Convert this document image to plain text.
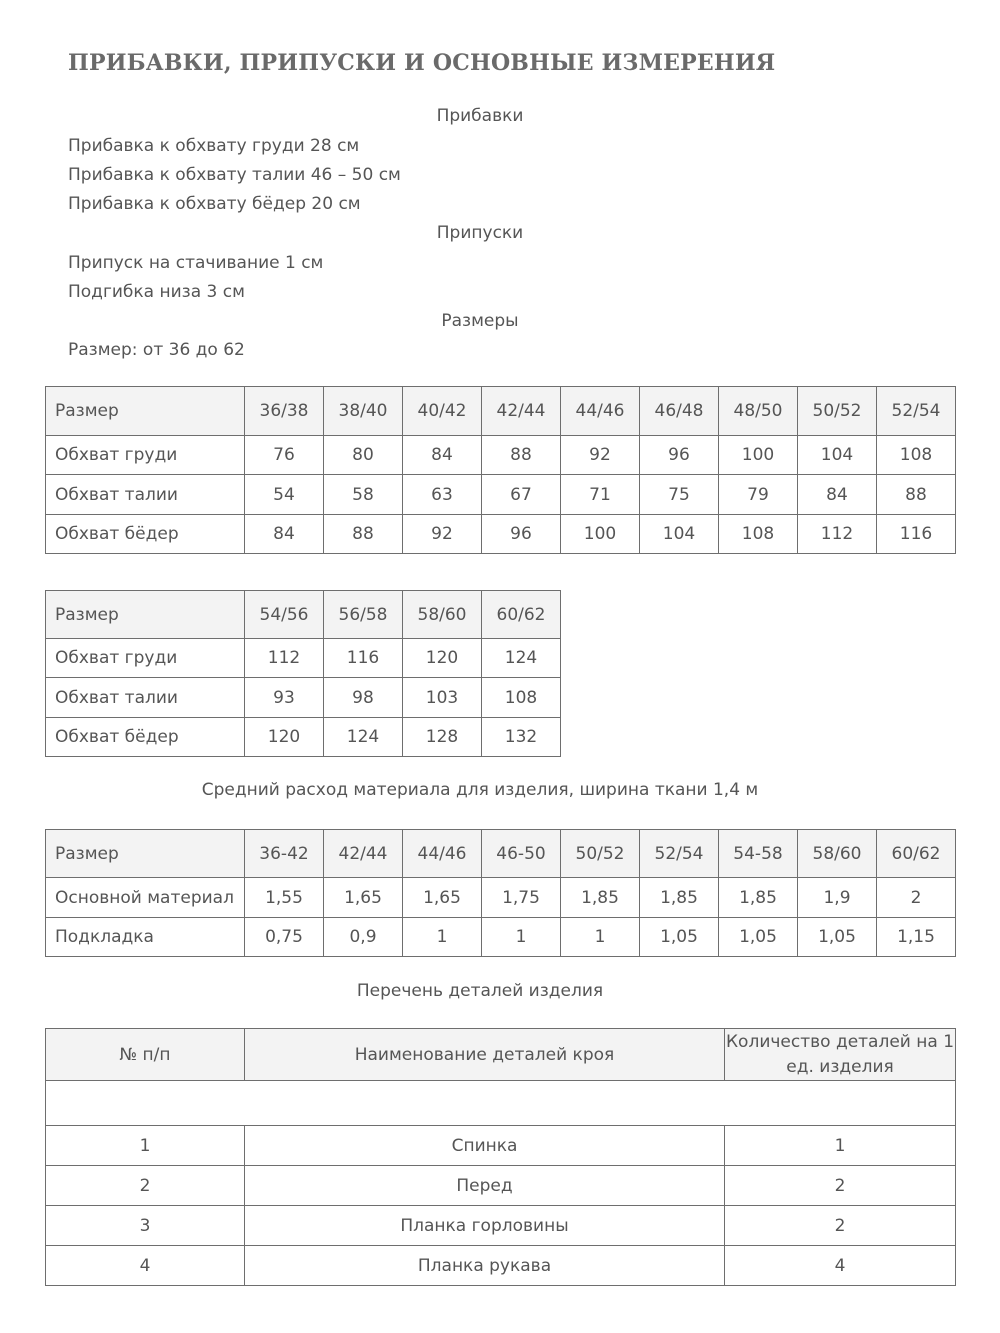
ПРИБАВКИ, ПРИПУСКИ И ОСНОВНЫЕ ИЗМЕРЕНИЯ
Прибавки
Прибавка к обхвату груди 28 см
Прибавка к обхвату талии 46 – 50 см
Прибавка к обхвату бёдер 20 см
Припуски
Припуск на стачивание 1 см
Подгибка низа 3 см
Размеры
Размер: от 36 до 62
Размер	36/38	38/40	40/42	42/44	44/46	46/48	48/50	50/52	52/54
Обхват груди	76	80	84	88	92	96	100	104	108
Обхват талии	54	58	63	67	71	75	79	84	88
Обхват бёдер	84	88	92	96	100	104	108	112	116
Размер	54/56	56/58	58/60	60/62
Обхват груди	112	116	120	124
Обхват талии	93	98	103	108
Обхват бёдер	120	124	128	132
Средний расход материала для изделия, ширина ткани 1,4 м
Размер	36-42	42/44	44/46	46-50	50/52	52/54	54-58	58/60	60/62
Основной материал	1,55	1,65	1,65	1,75	1,85	1,85	1,85	1,9	2
Подкладка	0,75	0,9	1	1	1	1,05	1,05	1,05	1,15
Перечень деталей изделия
№ п/п	Наименование деталей кроя	Количество деталей на 1 ед. изделия

1	Спинка	1
2	Перед	2
3	Планка горловины	2
4	Планка рукава	4
